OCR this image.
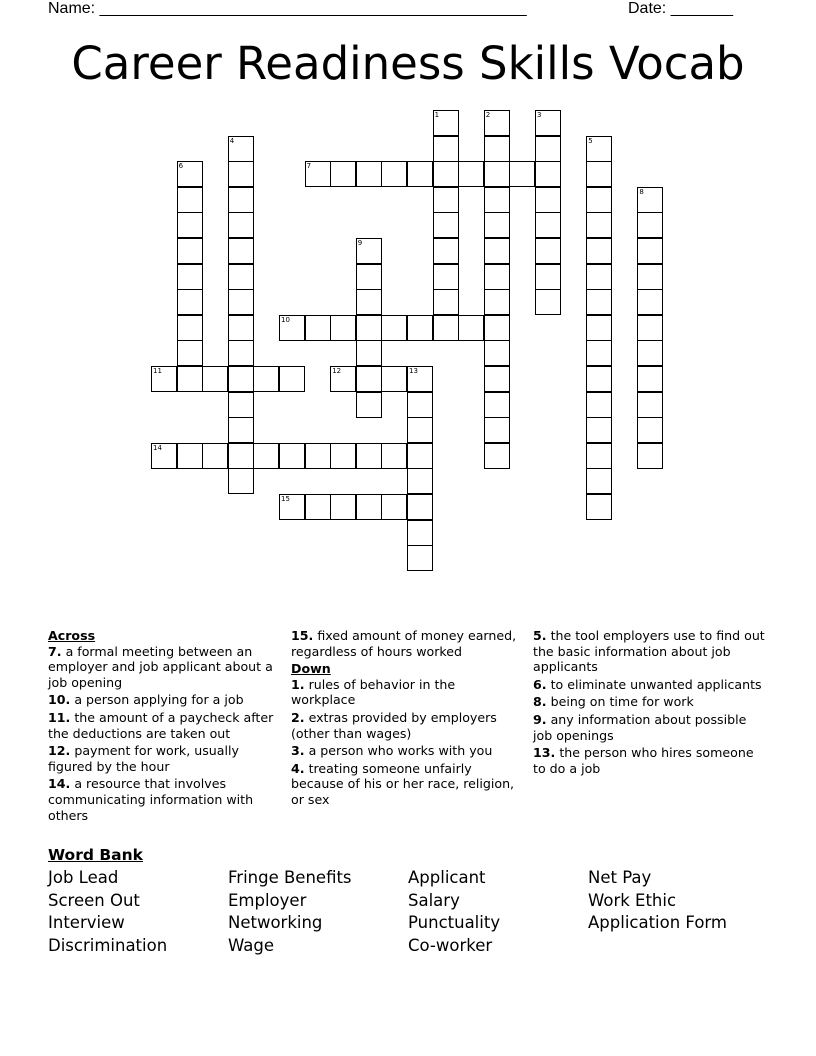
Name: ________________________________________________	Date: _______
Career Readiness Skills Vocab
1	2	3
4	5
6	7
8
9
10
11	12	13
14
15
Across
7. a formal meeting between an employer and job applicant about a job opening
10. a person applying for a job
11. the amount of a paycheck after the deductions are taken out
12. payment for work, usually figured by the hour
14. a resource that involves communicating information with others
15. fixed amount of money earned, regardless of hours worked
Down
1. rules of behavior in the workplace
2. extras provided by employers (other than wages)
3. a person who works with you
4. treating someone unfairly because of his or her race, religion, or sex
5. the tool employers use to find out the basic information about job applicants
6. to eliminate unwanted applicants
8. being on time for work
9. any information about possible job openings
13. the person who hires someone to do a job
Word Bank
Job Lead
Screen Out
Interview
Discrimination
Fringe Benefits
Employer
Networking
Wage
Applicant
Salary
Punctuality
Co-worker
Net Pay
Work Ethic
Application Form
